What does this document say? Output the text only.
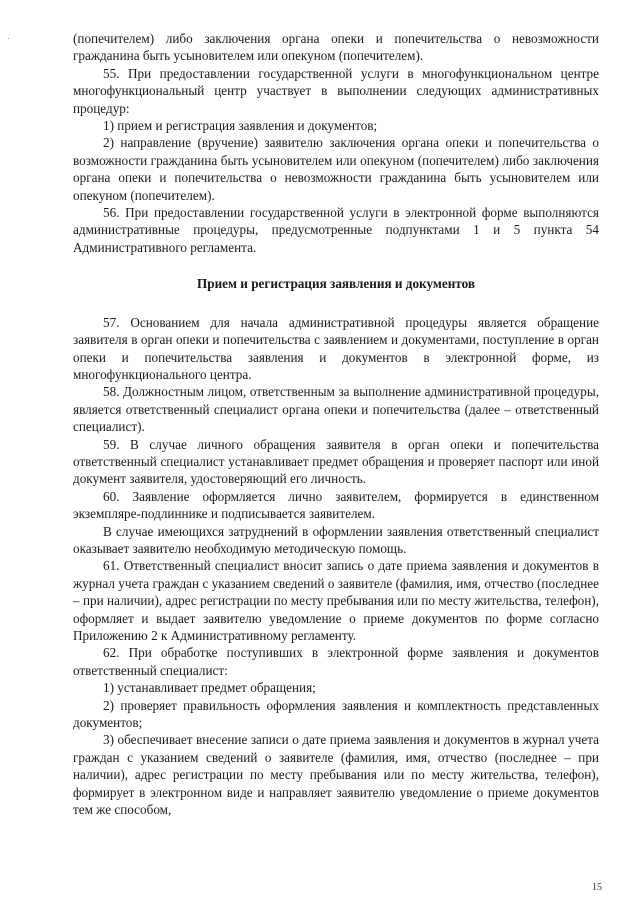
(попечителем) либо заключения органа опеки и попечительства о невозможности гражданина быть усыновителем или опекуном (попечителем).

55. При предоставлении государственной услуги в многофункциональном центре многофункциональный центр участвует в выполнении следующих административных процедур:

1) прием и регистрация заявления и документов;

2) направление (вручение) заявителю заключения органа опеки и попечительства о возможности гражданина быть усыновителем или опекуном (попечителем) либо заключения органа опеки и попечительства о невозможности гражданина быть усыновителем или опекуном (попечителем).

56. При предоставлении государственной услуги в электронной форме выполняются административные процедуры, предусмотренные подпунктами 1 и 5 пункта 54 Административного регламента.

Прием и регистрация заявления и документов

57. Основанием для начала административной процедуры является обращение заявителя в орган опеки и попечительства с заявлением и документами, поступление в орган опеки и попечительства заявления и документов в электронной форме, из многофункционального центра.

58. Должностным лицом, ответственным за выполнение административной процедуры, является ответственный специалист органа опеки и попечительства (далее – ответственный специалист).

59. В случае личного обращения заявителя в орган опеки и попечительства ответственный специалист устанавливает предмет обращения и проверяет паспорт или иной документ заявителя, удостоверяющий его личность.

60. Заявление оформляется лично заявителем, формируется в единственном экземпляре-подлиннике и подписывается заявителем.

В случае имеющихся затруднений в оформлении заявления ответственный специалист оказывает заявителю необходимую методическую помощь.

61. Ответственный специалист вносит запись о дате приема заявления и документов в журнал учета граждан с указанием сведений о заявителе (фамилия, имя, отчество (последнее – при наличии), адрес регистрации по месту пребывания или по месту жительства, телефон), оформляет и выдает заявителю уведомление о приеме документов по форме согласно Приложению 2 к Административному регламенту.

62. При обработке поступивших в электронной форме заявления и документов ответственный специалист:

1) устанавливает предмет обращения;

2) проверяет правильность оформления заявления и комплектность представленных документов;

3) обеспечивает внесение записи о дате приема заявления и документов в журнал учета граждан с указанием сведений о заявителе (фамилия, имя, отчество (последнее – при наличии), адрес регистрации по месту пребывания или по месту жительства, телефон), формирует в электронном виде и направляет заявителю уведомление о приеме документов тем же способом,

15
